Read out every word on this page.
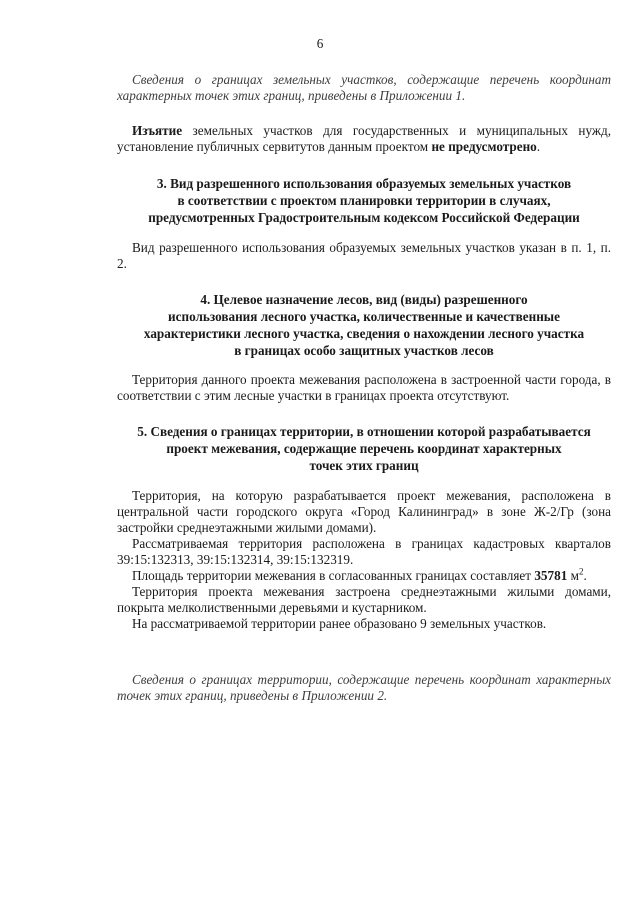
6

Сведения о границах земельных участков, содержащие перечень координат характерных точек этих границ, приведены в Приложении 1.

Изъятие земельных участков для государственных и муниципальных нужд, установление публичных сервитутов данным проектом не предусмотрено.

3. Вид разрешенного использования образуемых земельных участков
в соответствии с проектом планировки территории в случаях,
предусмотренных Градостроительным кодексом Российской Федерации

Вид разрешенного использования образуемых земельных участков указан в п. 1, п. 2.

4. Целевое назначение лесов, вид (виды) разрешенного
использования лесного участка, количественные и качественные
характеристики лесного участка, сведения о нахождении лесного участка
в границах особо защитных участков лесов

Территория данного проекта межевания расположена в застроенной части города, в соответствии с этим лесные участки в границах проекта отсутствуют.

5. Сведения о границах территории, в отношении которой разрабатывается
проект межевания, содержащие перечень координат характерных
точек этих границ

Территория, на которую разрабатывается проект межевания, расположена в центральной части городского округа «Город Калининград» в зоне Ж-2/Гр (зона застройки среднеэтажными жилыми домами).

Рассматриваемая территория расположена в границах кадастровых кварталов 39:15:132313, 39:15:132314, 39:15:132319.

Площадь территории межевания в согласованных границах составляет 35781 $м^2$.

Территория проекта межевания застроена среднеэтажными жилыми домами, покрыта мелколиственными деревьями и кустарником.

На рассматриваемой территории ранее образовано 9 земельных участков.

Сведения о границах территории, содержащие перечень координат характерных точек этих границ, приведены в Приложении 2.
